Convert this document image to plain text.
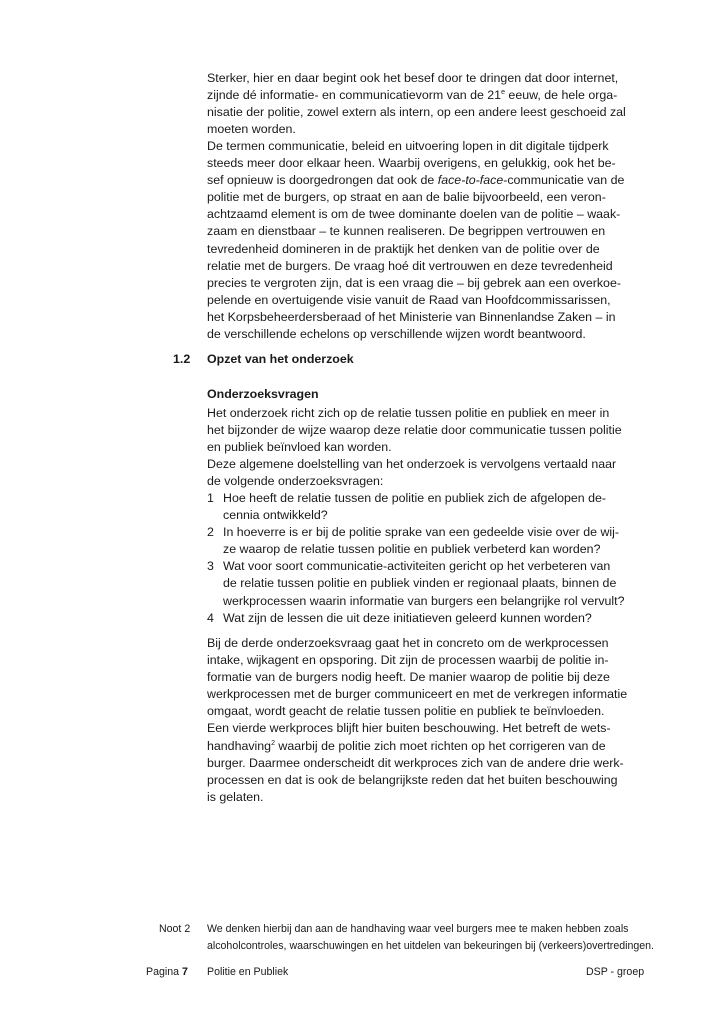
Sterker, hier en daar begint ook het besef door te dringen dat door internet,
zijnde dé informatie- en communicatievorm van de 21e eeuw, de hele orga-
nisatie der politie, zowel extern als intern, op een andere leest geschoeid zal
moeten worden.
De termen communicatie, beleid en uitvoering lopen in dit digitale tijdperk
steeds meer door elkaar heen. Waarbij overigens, en gelukkig, ook het be-
sef opnieuw is doorgedrongen dat ook de face-to-face-communicatie van de
politie met de burgers, op straat en aan de balie bijvoorbeeld, een veron-
achtzaamd element is om de twee dominante doelen van de politie – waak-
zaam en dienstbaar – te kunnen realiseren. De begrippen vertrouwen en
tevredenheid domineren in de praktijk het denken van de politie over de
relatie met de burgers. De vraag hoé dit vertrouwen en deze tevredenheid
precies te vergroten zijn, dat is een vraag die – bij gebrek aan een overkoe-
pelende en overtuigende visie vanuit de Raad van Hoofdcommissarissen,
het Korpsbeheerdersberaad of het Ministerie van Binnenlandse Zaken – in
de verschillende echelons op verschillende wijzen wordt beantwoord.
1.2 Opzet van het onderzoek
Onderzoeksvragen
Het onderzoek richt zich op de relatie tussen politie en publiek en meer in
het bijzonder de wijze waarop deze relatie door communicatie tussen politie
en publiek beïnvloed kan worden.
Deze algemene doelstelling van het onderzoek is vervolgens vertaald naar
de volgende onderzoeksvragen:
1 Hoe heeft de relatie tussen de politie en publiek zich de afgelopen de-
cennia ontwikkeld?
2 In hoeverre is er bij de politie sprake van een gedeelde visie over de wij-
ze waarop de relatie tussen politie en publiek verbeterd kan worden?
3 Wat voor soort communicatie-activiteiten gericht op het verbeteren van
de relatie tussen politie en publiek vinden er regionaal plaats, binnen de
werkprocessen waarin informatie van burgers een belangrijke rol vervult?
4 Wat zijn de lessen die uit deze initiatieven geleerd kunnen worden?
Bij de derde onderzoeksvraag gaat het in concreto om de werkprocessen
intake, wijkagent en opsporing. Dit zijn de processen waarbij de politie in-
formatie van de burgers nodig heeft. De manier waarop de politie bij deze
werkprocessen met de burger communiceert en met de verkregen informatie
omgaat, wordt geacht de relatie tussen politie en publiek te beïnvloeden.
Een vierde werkproces blijft hier buiten beschouwing. Het betreft de wets-
handhaving$^2$ waarbij de politie zich moet richten op het corrigeren van de
burger. Daarmee onderscheidt dit werkproces zich van de andere drie werk-
processen en dat is ook de belangrijkste reden dat het buiten beschouwing
is gelaten.
Noot 2 We denken hierbij dan aan de handhaving waar veel burgers mee te maken hebben zoals
alcoholcontroles, waarschuwingen en het uitdelen van bekeuringen bij (verkeers)overtredingen.
Pagina 7 Politie en Publiek	DSP - groep
